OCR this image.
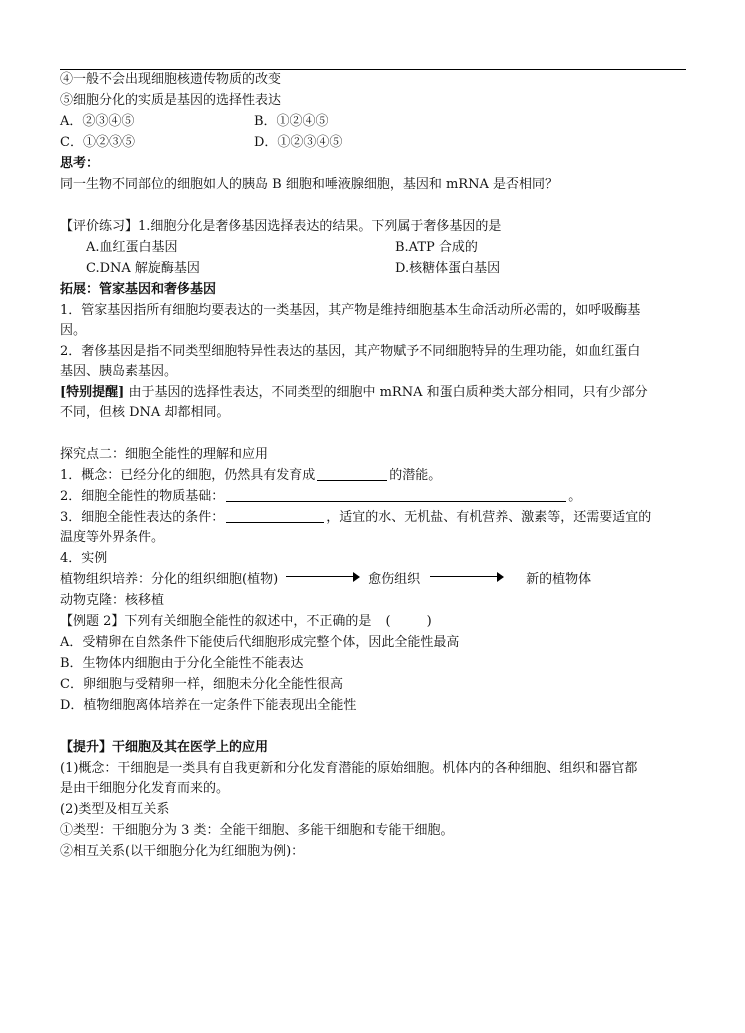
④一般不会出现细胞核遗传物质的改变
⑤细胞分化的实质是基因的选择性表达
A．②③④⑤	B．①②④⑤
C．①②③⑤	D．①②③④⑤
思考：
同一生物不同部位的细胞如人的胰岛 B 细胞和唾液腺细胞，基因和 mRNA 是否相同？
【评价练习】1.细胞分化是奢侈基因选择表达的结果。下列属于奢侈基因的是
A.血红蛋白基因	B.ATP 合成的
C.DNA 解旋酶基因	D.核糖体蛋白基因
拓展：管家基因和奢侈基因
1．管家基因指所有细胞均要表达的一类基因，其产物是维持细胞基本生命活动所必需的，如呼吸酶基
因。
2．奢侈基因是指不同类型细胞特异性表达的基因，其产物赋予不同细胞特异的生理功能，如血红蛋白
基因、胰岛素基因。
[特别提醒] 由于基因的选择性表达，不同类型的细胞中 mRNA 和蛋白质种类大部分相同，只有少部分
不同，但核 DNA 却都相同。
探究点二：细胞全能性的理解和应用
1．概念：已经分化的细胞，仍然具有发育成	的潜能。
2．细胞全能性的物质基础：	。
3．细胞全能性表达的条件：	，适宜的水、无机盐、有机营养、激素等，还需要适宜的
温度等外界条件。
4．实例
植物组织培养：分化的组织细胞(植物)	愈伤组织	新的植物体
动物克隆：核移植
【例题 2】下列有关细胞全能性的叙述中，不正确的是 (	)
A．受精卵在自然条件下能使后代细胞形成完整个体，因此全能性最高
B．生物体内细胞由于分化全能性不能表达
C．卵细胞与受精卵一样，细胞未分化全能性很高
D．植物细胞离体培养在一定条件下能表现出全能性
【提升】干细胞及其在医学上的应用
(1)概念：干细胞是一类具有自我更新和分化发育潜能的原始细胞。机体内的各种细胞、组织和器官都
是由干细胞分化发育而来的。
(2)类型及相互关系
①类型：干细胞分为 3 类：全能干细胞、多能干细胞和专能干细胞。
②相互关系(以干细胞分化为红细胞为例)：
